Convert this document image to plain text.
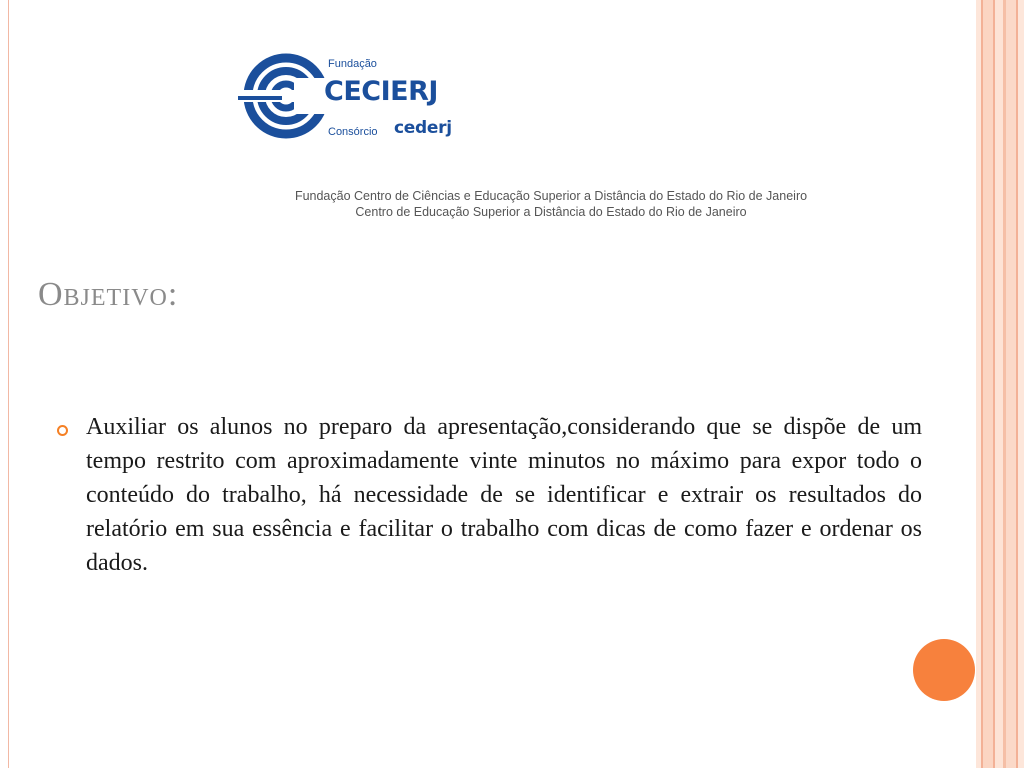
Fundação
CECIERJ
Consórcio cederj
Fundação Centro de Ciências e Educação Superior a Distância do Estado do Rio de Janeiro
Centro de Educação Superior a Distância do Estado do Rio de Janeiro
Objetivo:
Auxiliar os alunos no preparo da apresentação,considerando que se dispõe de um tempo restrito com aproximadamente vinte minutos no máximo para expor todo o conteúdo do trabalho, há necessidade de se identificar e extrair os resultados do relatório em sua essência e facilitar o trabalho com dicas de como fazer e ordenar os dados.
